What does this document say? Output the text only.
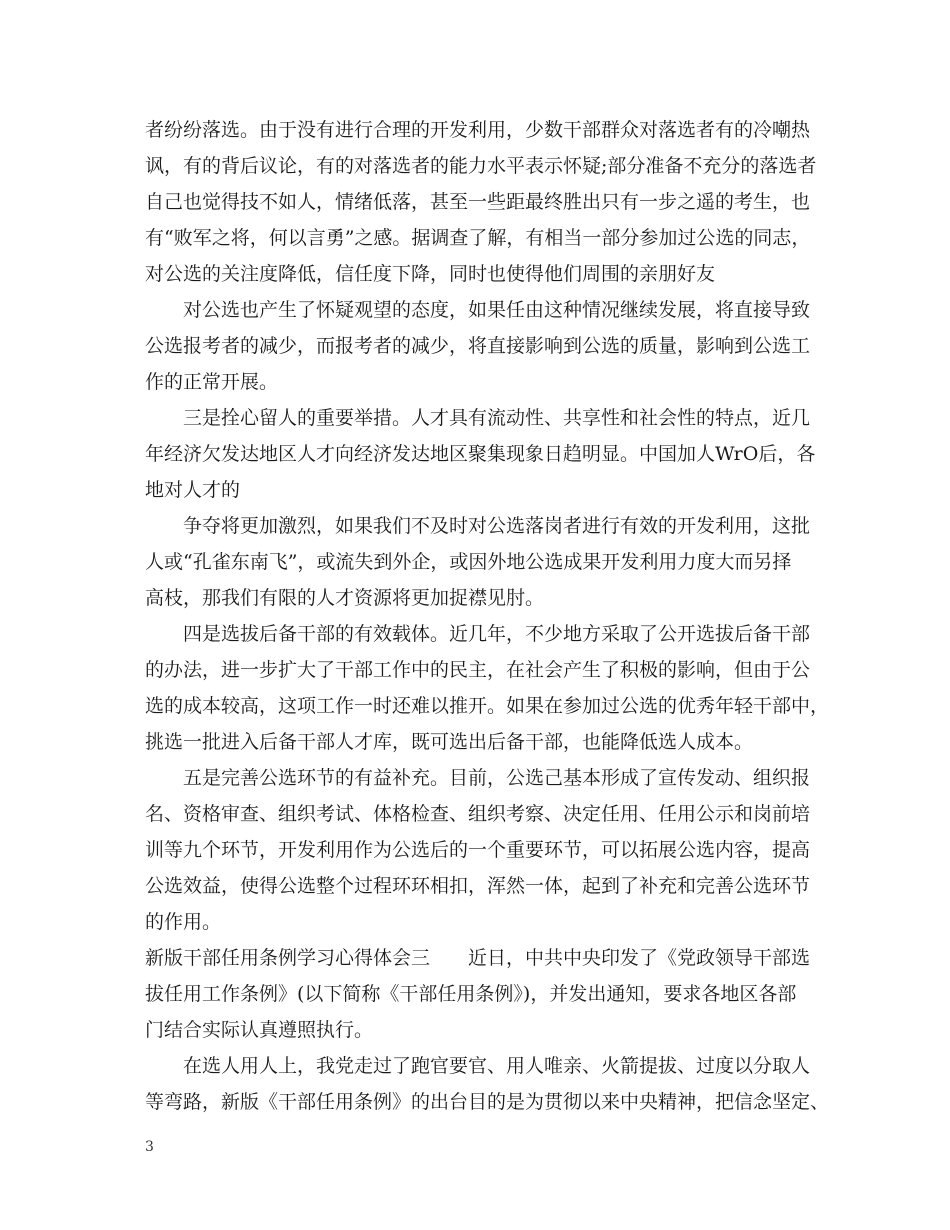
者纷纷落选。由于没有进行合理的开发利用，少数干部群众对落选者有的冷嘲热
讽，有的背后议论，有的对落选者的能力水平表示怀疑;部分准备不充分的落选者
自己也觉得技不如人，情绪低落，甚至一些距最终胜出只有一步之遥的考生，也
有“败军之将，何以言勇”之感。据调查了解，有相当一部分参加过公选的同志，
对公选的关注度降低，信任度下降，同时也使得他们周围的亲朋好友
对公选也产生了怀疑观望的态度，如果任由这种情况继续发展，将直接导致
公选报考者的减少，而报考者的减少，将直接影响到公选的质量，影响到公选工
作的正常开展。
三是拴心留人的重要举措。人才具有流动性、共享性和社会性的特点，近几
年经济欠发达地区人才向经济发达地区聚集现象日趋明显。中国加人WrO后，各
地对人才的
争夺将更加激烈，如果我们不及时对公选落岗者进行有效的开发利用，这批
人或“孔雀东南飞”，或流失到外企，或因外地公选成果开发利用力度大而另择
高枝，那我们有限的人才资源将更加捉襟见肘。
四是选拔后备干部的有效载体。近几年，不少地方采取了公开选拔后备干部
的办法，进一步扩大了干部工作中的民主，在社会产生了积极的影响，但由于公
选的成本较高，这项工作一时还难以推开。如果在参加过公选的优秀年轻干部中，
挑选一批进入后备干部人才库，既可选出后备干部，也能降低选人成本。
五是完善公选环节的有益补充。目前，公选己基本形成了宣传发动、组织报
名、资格审查、组织考试、体格检查、组织考察、决定任用、任用公示和岗前培
训等九个环节，开发利用作为公选后的一个重要环节，可以拓展公选内容，提高
公选效益，使得公选整个过程环环相扣，浑然一体，起到了补充和完善公选环节
的作用。
新版干部任用条例学习心得体会三　　近日，中共中央印发了《党政领导干部选
拔任用工作条例》(以下简称《干部任用条例》)，并发出通知，要求各地区各部
门结合实际认真遵照执行。
在选人用人上，我党走过了跑官要官、用人唯亲、火箭提拔、过度以分取人
等弯路，新版《干部任用条例》的出台目的是为贯彻以来中央精神，把信念坚定、
3
